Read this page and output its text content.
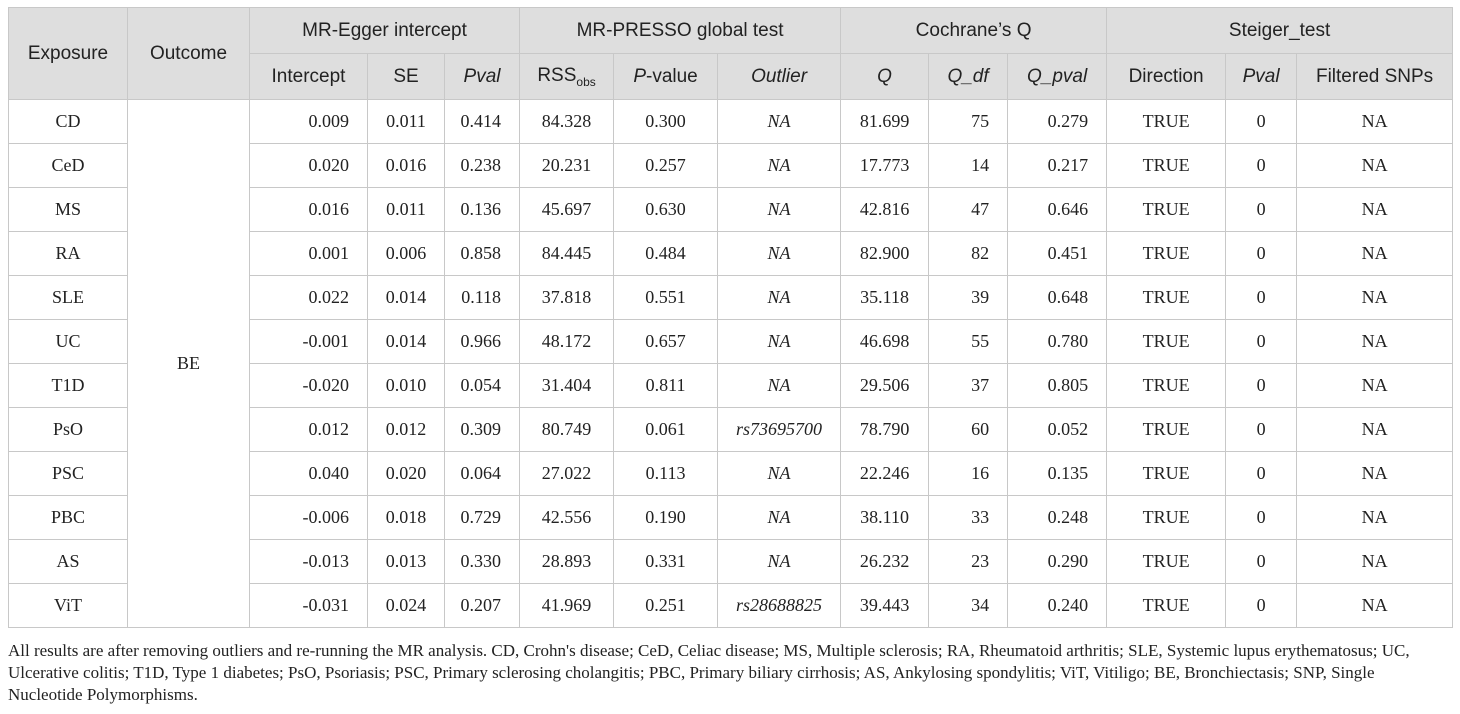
Exposure	Outcome	MR-Egger intercept			MR-PRESSO global test			Cochrane’s Q			Steiger_test		
		Intercept	SE	Pval	$RSS_{obs}$	P-value	Outlier	Q	Q_df	Q_pval	Direction	Pval	Filtered SNPs
CD	BE	0.009	0.011	0.414	84.328	0.300	NA	81.699	75	0.279	TRUE	0	NA
CeD		0.020	0.016	0.238	20.231	0.257	NA	17.773	14	0.217	TRUE	0	NA
MS		0.016	0.011	0.136	45.697	0.630	NA	42.816	47	0.646	TRUE	0	NA
RA		0.001	0.006	0.858	84.445	0.484	NA	82.900	82	0.451	TRUE	0	NA
SLE		0.022	0.014	0.118	37.818	0.551	NA	35.118	39	0.648	TRUE	0	NA
UC		-0.001	0.014	0.966	48.172	0.657	NA	46.698	55	0.780	TRUE	0	NA
T1D		-0.020	0.010	0.054	31.404	0.811	NA	29.506	37	0.805	TRUE	0	NA
PsO		0.012	0.012	0.309	80.749	0.061	rs73695700	78.790	60	0.052	TRUE	0	NA
PSC		0.040	0.020	0.064	27.022	0.113	NA	22.246	16	0.135	TRUE	0	NA
PBC		-0.006	0.018	0.729	42.556	0.190	NA	38.110	33	0.248	TRUE	0	NA
AS		-0.013	0.013	0.330	28.893	0.331	NA	26.232	23	0.290	TRUE	0	NA
ViT		-0.031	0.024	0.207	41.969	0.251	rs28688825	39.443	34	0.240	TRUE	0	NA
All results are after removing outliers and re-running the MR analysis. CD, Crohn's disease; CeD, Celiac disease; MS, Multiple sclerosis; RA, Rheumatoid arthritis; SLE, Systemic lupus erythematosus; UC, Ulcerative colitis; T1D, Type 1 diabetes; PsO, Psoriasis; PSC, Primary sclerosing cholangitis; PBC, Primary biliary cirrhosis; AS, Ankylosing spondylitis; ViT, Vitiligo; BE, Bronchiectasis; SNP, Single Nucleotide Polymorphisms.
